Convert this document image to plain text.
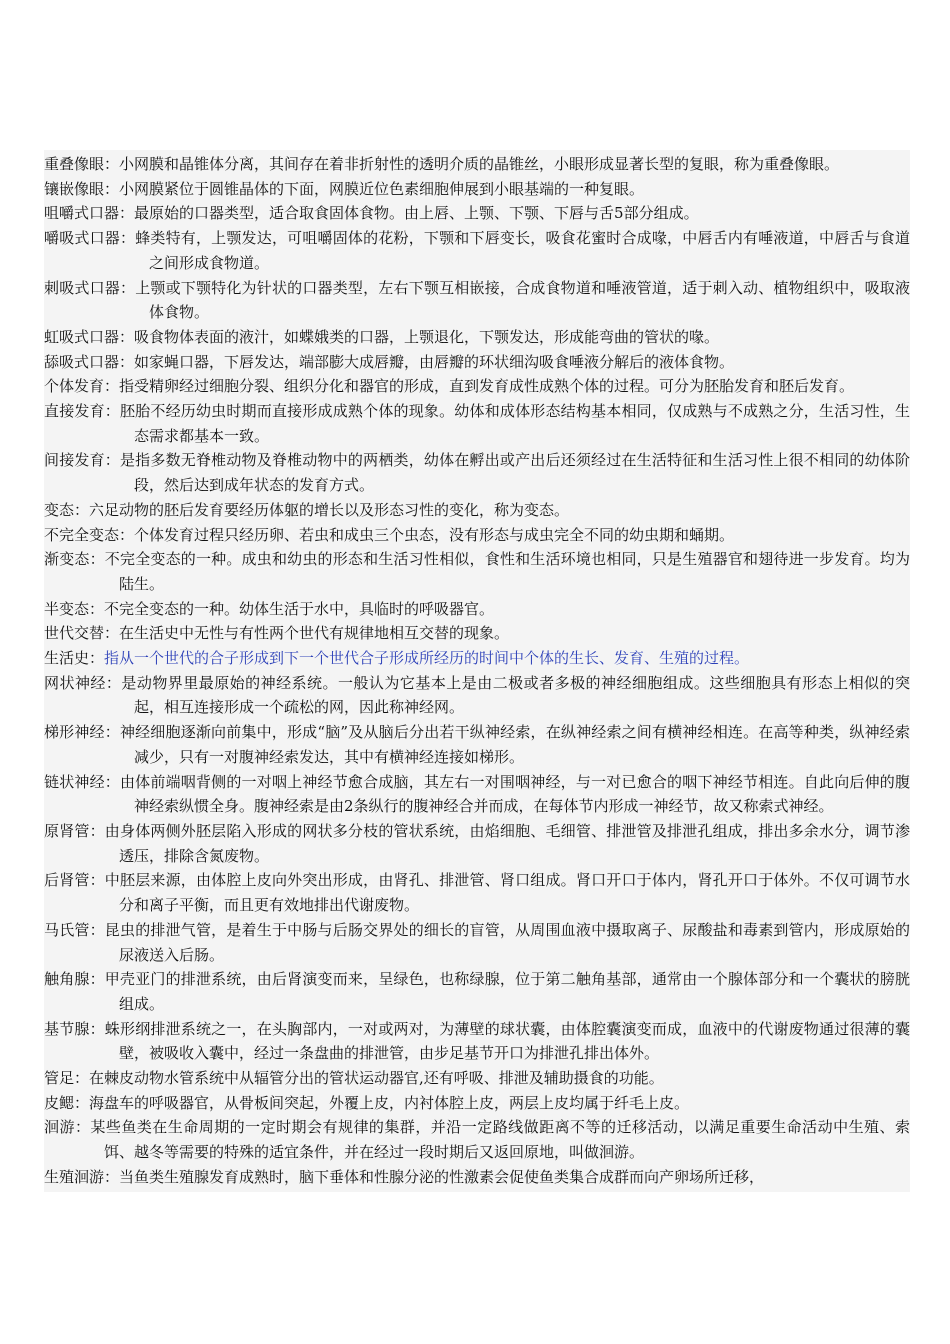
重叠像眼：小网膜和晶锥体分离，其间存在着非折射性的透明介质的晶锥丝，小眼形成显著长型的复眼，称为重叠像眼。
镶嵌像眼：小网膜紧位于圆锥晶体的下面，网膜近位色素细胞伸展到小眼基端的一种复眼。
咀嚼式口器：最原始的口器类型，适合取食固体食物。由上唇、上颚、下颚、下唇与舌5部分组成。
嚼吸式口器：蜂类特有，上颚发达，可咀嚼固体的花粉，下颚和下唇变长，吸食花蜜时合成喙，中唇舌内有唾液道，中唇舌与食道之间形成食物道。
刺吸式口器：上颚或下颚特化为针状的口器类型，左右下颚互相嵌接，合成食物道和唾液管道，适于刺入动、植物组织中，吸取液体食物。
虹吸式口器：吸食物体表面的液汁，如蝶娥类的口器，上颚退化，下颚发达，形成能弯曲的管状的喙。
舔吸式口器：如家蝇口器，下唇发达，端部膨大成唇瓣，由唇瓣的环状细沟吸食唾液分解后的液体食物。
个体发育：指受精卵经过细胞分裂、组织分化和器官的形成，直到发育成性成熟个体的过程。可分为胚胎发育和胚后发育。
直接发育：胚胎不经历幼虫时期而直接形成成熟个体的现象。幼体和成体形态结构基本相同，仅成熟与不成熟之分，生活习性，生态需求都基本一致。
间接发育：是指多数无脊椎动物及脊椎动物中的两栖类，幼体在孵出或产出后还须经过在生活特征和生活习性上很不相同的幼体阶段，然后达到成年状态的发育方式。
变态：六足动物的胚后发育要经历体躯的增长以及形态习性的变化，称为变态。
不完全变态：个体发育过程只经历卵、若虫和成虫三个虫态，没有形态与成虫完全不同的幼虫期和蛹期。
渐变态：不完全变态的一种。成虫和幼虫的形态和生活习性相似，食性和生活环境也相同，只是生殖器官和翅待进一步发育。均为陆生。
半变态：不完全变态的一种。幼体生活于水中，具临时的呼吸器官。
世代交替：在生活史中无性与有性两个世代有规律地相互交替的现象。
生活史：指从一个世代的合子形成到下一个世代合子形成所经历的时间中个体的生长、发育、生殖的过程。
网状神经：是动物界里最原始的神经系统。一般认为它基本上是由二极或者多极的神经细胞组成。这些细胞具有形态上相似的突起，相互连接形成一个疏松的网，因此称神经网。
梯形神经：神经细胞逐渐向前集中，形成“脑”及从脑后分出若干纵神经索，在纵神经索之间有横神经相连。在高等种类，纵神经索减少，只有一对腹神经索发达，其中有横神经连接如梯形。
链状神经：由体前端咽背侧的一对咽上神经节愈合成脑，其左右一对围咽神经，与一对已愈合的咽下神经节相连。自此向后伸的腹神经索纵惯全身。腹神经索是由2条纵行的腹神经合并而成，在每体节内形成一神经节，故又称索式神经。
原肾管：由身体两侧外胚层陷入形成的网状多分枝的管状系统，由焰细胞、毛细管、排泄管及排泄孔组成，排出多余水分，调节渗透压，排除含氮废物。
后肾管：中胚层来源，由体腔上皮向外突出形成，由肾孔、排泄管、肾口组成。肾口开口于体内，肾孔开口于体外。不仅可调节水分和离子平衡，而且更有效地排出代谢废物。
马氏管：昆虫的排泄气管，是着生于中肠与后肠交界处的细长的盲管，从周围血液中摄取离子、尿酸盐和毒素到管内，形成原始的尿液送入后肠。
触角腺：甲壳亚门的排泄系统，由后肾演变而来，呈绿色，也称绿腺，位于第二触角基部，通常由一个腺体部分和一个囊状的膀胱组成。
基节腺：蛛形纲排泄系统之一，在头胸部内，一对或两对，为薄壁的球状囊，由体腔囊演变而成，血液中的代谢废物通过很薄的囊壁，被吸收入囊中，经过一条盘曲的排泄管，由步足基节开口为排泄孔排出体外。
管足：在棘皮动物水管系统中从辐管分出的管状运动器官,还有呼吸、排泄及辅助摄食的功能。
皮鳃：海盘车的呼吸器官，从骨板间突起，外覆上皮，内衬体腔上皮，两层上皮均属于纤毛上皮。
洄游：某些鱼类在生命周期的一定时期会有规律的集群，并沿一定路线做距离不等的迁移活动，以满足重要生命活动中生殖、索饵、越冬等需要的特殊的适宜条件，并在经过一段时期后又返回原地，叫做洄游。
生殖洄游：当鱼类生殖腺发育成熟时，脑下垂体和性腺分泌的性激素会促使鱼类集合成群而向产卵场所迁移，
